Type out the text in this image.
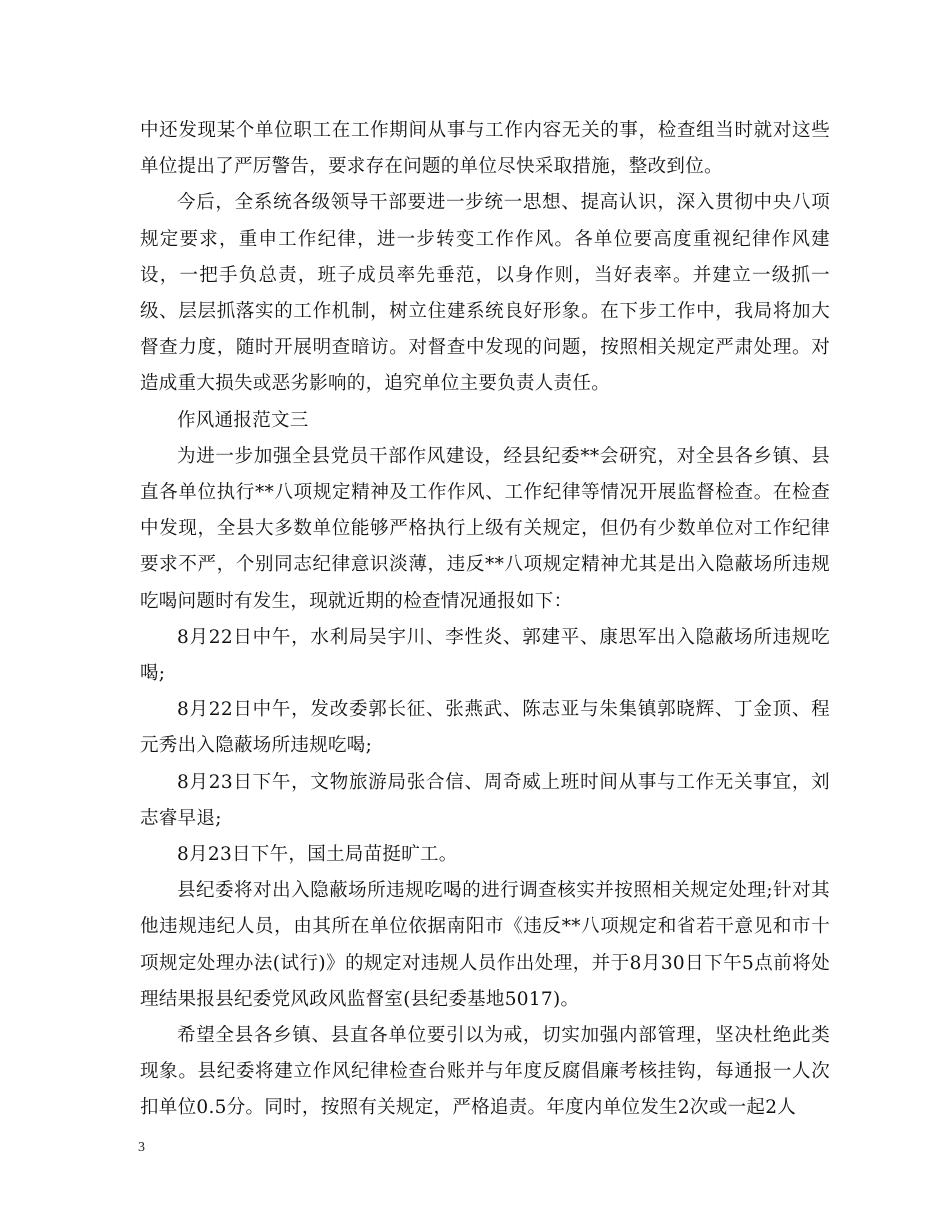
中还发现某个单位职工在工作期间从事与工作内容无关的事，检查组当时就对这些单位提出了严厉警告，要求存在问题的单位尽快采取措施，整改到位。

今后，全系统各级领导干部要进一步统一思想、提高认识，深入贯彻中央八项规定要求，重申工作纪律，进一步转变工作作风。各单位要高度重视纪律作风建设，一把手负总责，班子成员率先垂范，以身作则，当好表率。并建立一级抓一级、层层抓落实的工作机制，树立住建系统良好形象。在下步工作中，我局将加大督查力度，随时开展明查暗访。对督查中发现的问题，按照相关规定严肃处理。对造成重大损失或恶劣影响的，追究单位主要负责人责任。

作风通报范文三

为进一步加强全县党员干部作风建设，经县纪委**会研究，对全县各乡镇、县直各单位执行**八项规定精神及工作作风、工作纪律等情况开展监督检查。在检查中发现，全县大多数单位能够严格执行上级有关规定，但仍有少数单位对工作纪律要求不严，个别同志纪律意识淡薄，违反**八项规定精神尤其是出入隐蔽场所违规吃喝问题时有发生，现就近期的检查情况通报如下：

8月22日中午，水利局吴宇川、李性炎、郭建平、康思军出入隐蔽场所违规吃喝;

8月22日中午，发改委郭长征、张燕武、陈志亚与朱集镇郭晓辉、丁金顶、程元秀出入隐蔽场所违规吃喝;

8月23日下午，文物旅游局张合信、周奇威上班时间从事与工作无关事宜，刘志睿早退;

8月23日下午，国土局苗挺旷工。

县纪委将对出入隐蔽场所违规吃喝的进行调查核实并按照相关规定处理;针对其他违规违纪人员，由其所在单位依据南阳市《违反**八项规定和省若干意见和市十项规定处理办法(试行)》的规定对违规人员作出处理，并于8月30日下午5点前将处理结果报县纪委党风政风监督室(县纪委基地5017)。

希望全县各乡镇、县直各单位要引以为戒，切实加强内部管理，坚决杜绝此类现象。县纪委将建立作风纪律检查台账并与年度反腐倡廉考核挂钩，每通报一人次扣单位0.5分。同时，按照有关规定，严格追责。年度内单位发生2次或一起2人

3
